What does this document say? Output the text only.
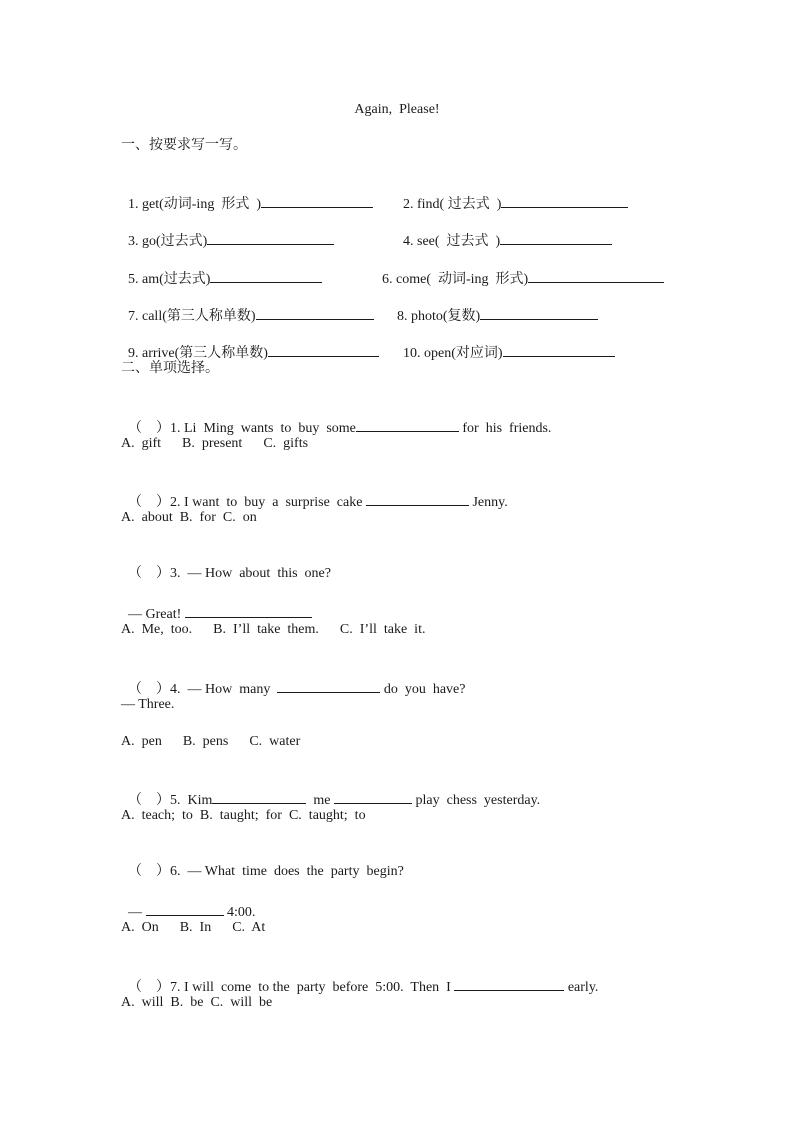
Again,  Please!
一、按要求写一写。

1. get(动词-ing  形式  )	2. find( 过去式  )

3. go(过去式)	4. see(  过去式  )

5. am(过去式)	6. come(  动词-ing  形式)

7. call(第三人称单数)	8. photo(复数)

9. arrive(第三人称单数)	10. open(对应词)

二、单项选择。

（ ）1. Li  Ming  wants  to  buy  some	for  his  friends.

A.  gift      B.  present      C.  gifts

（ ）2. I want  to  buy  a  surprise  cake	Jenny.

A.  about  B.  for  C.  on

（ ）3.  — How  about  this  one?

— Great!

A.  Me,  too.      B.  I’ll  take  them.      C.  I’ll  take  it.

（ ）4.  — How  many	do  you  have?

— Three.
A.  pen      B.  pens      C.  water

（ ）5.  Kim	me	play  chess  yesterday.

A.  teach;  to  B.  taught;  for  C.  taught;  to

（ ）6.  — What  time  does  the  party  begin?

—	4:00.

A.  On      B.  In      C.  At

（ ）7. I will  come  to the  party  before  5:00.  Then  I	early.

A.  will  B.  be  C.  will  be
